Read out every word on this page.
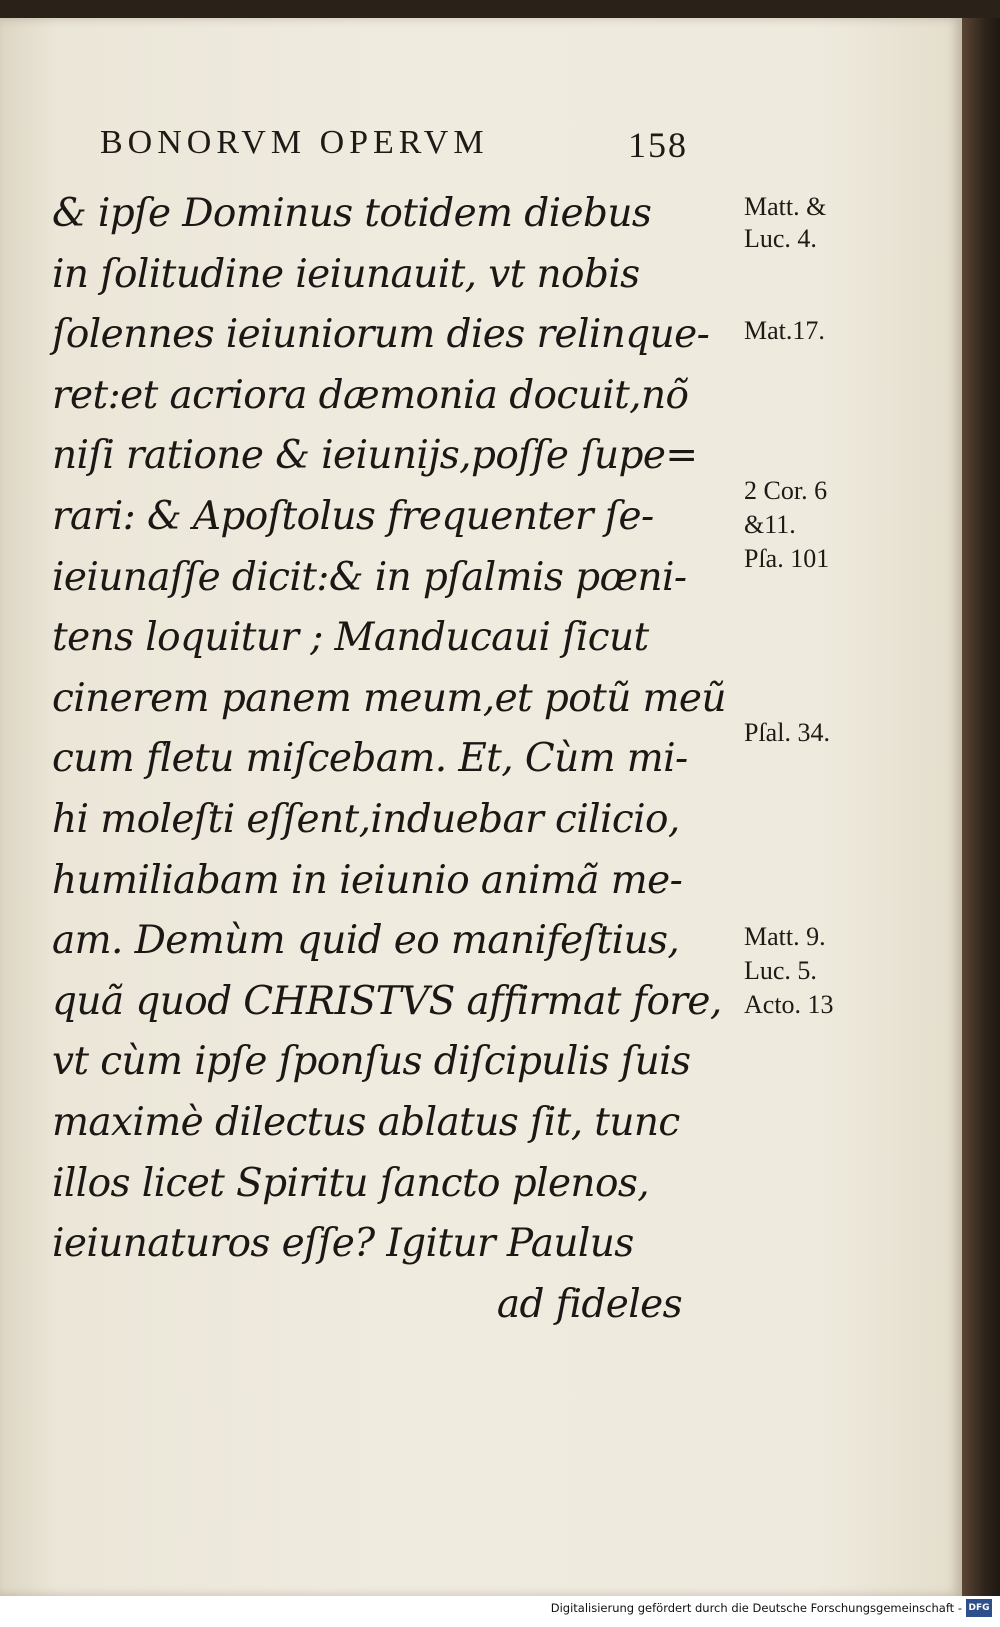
BONORVM OPERVM	158
& ipſe Dominus totidem diebus
in ſolitudine ieiunauit, vt nobis
ſolennes ieiuniorum dies relinque-
ret:et acriora dæmonia docuit,nõ
niſi ratione & ieiunijs,poſſe ſupe=
rari: & Apoſtolus frequenter ſe-
ieiunaſſe dicit:& in pſalmis pœni-
tens loquitur ; Manducaui ſicut
cinerem panem meum,et potũ meũ
cum fletu miſcebam. Et, Cùm mi-
hi moleſti eſſent,induebar cilicio,
humiliabam in ieiunio animã me-
am. Demùm quid eo manifeſtius,
quã quod CHRISTVS affirmat fore,
vt cùm ipſe ſponſus diſcipulis ſuis
maximè dilectus ablatus ſit, tunc
illos licet Spiritu ſancto plenos,
ieiunaturos eſſe? Igitur Paulus
ad fideles
Matt. &
Luc. 4.
Mat.17.
2 Cor. 6
&11.
Pſa. 101
Pſal. 34.
Matt. 9.
Luc. 5.
Acto. 13
Digitalisierung gefördert durch die Deutsche Forschungsgemeinschaft - DFG
